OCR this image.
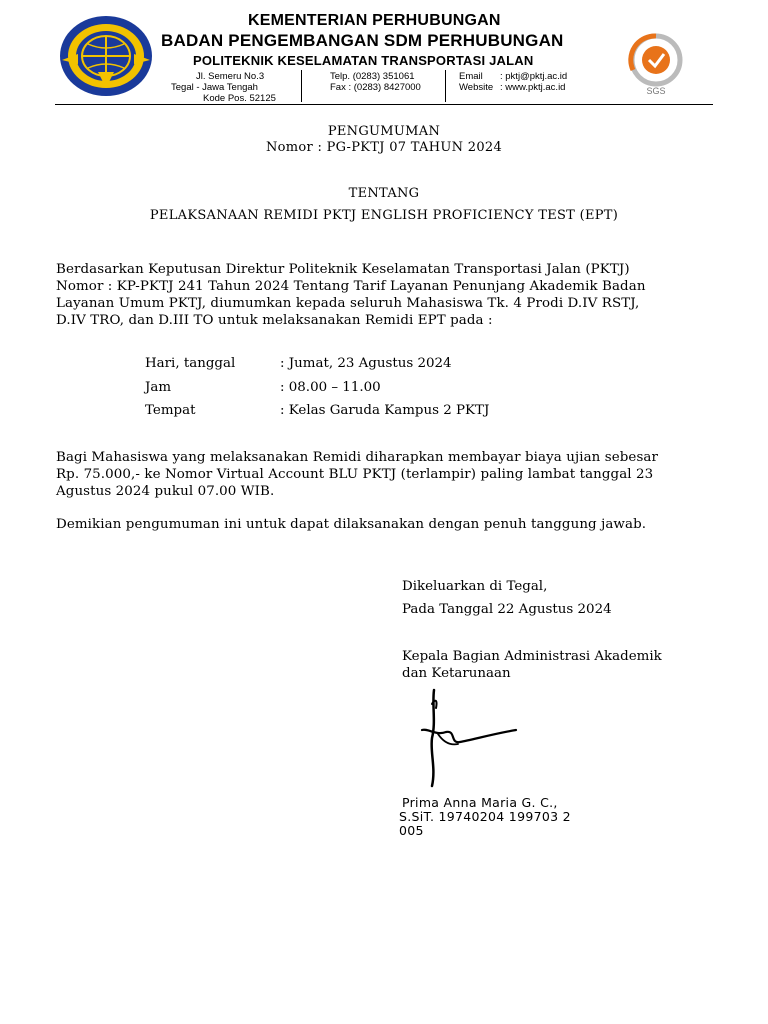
KEMENTERIAN PERHUBUNGAN
BADAN PENGEMBANGAN SDM PERHUBUNGAN
POLITEKNIK KESELAMATAN TRANSPORTASI JALAN
Jl. Semeru No.3
Tegal - Jawa Tengah
Kode Pos. 52125
Telp. (0283) 351061
Fax : (0283) 8427000
Email : pktj@pktj.ac.id
Website : www.pktj.ac.id	SGS
PENGUMUMAN
Nomor : PG-PKTJ 07 TAHUN 2024
TENTANG
PELAKSANAAN REMIDI PKTJ ENGLISH PROFICIENCY TEST (EPT)
Berdasarkan Keputusan Direktur Politeknik Keselamatan Transportasi Jalan (PKTJ)
Nomor : KP-PKTJ 241 Tahun 2024 Tentang Tarif Layanan Penunjang Akademik Badan
Layanan Umum PKTJ, diumumkan kepada seluruh Mahasiswa Tk. 4 Prodi D.IV RSTJ,
D.IV TRO, dan D.III TO untuk melaksanakan Remidi EPT pada :
Hari, tanggal	: Jumat, 23 Agustus 2024
Jam	: 08.00 – 11.00
Tempat	: Kelas Garuda Kampus 2 PKTJ
Bagi Mahasiswa yang melaksanakan Remidi diharapkan membayar biaya ujian sebesar
Rp. 75.000,- ke Nomor Virtual Account BLU PKTJ (terlampir) paling lambat tanggal 23
Agustus 2024 pukul 07.00 WIB.
Demikian pengumuman ini untuk dapat dilaksanakan dengan penuh tanggung jawab.
Dikeluarkan di Tegal,
Pada Tanggal 22 Agustus 2024
Kepala Bagian Administrasi Akademik
dan Ketarunaan
Prima Anna Maria G. C.,
S.SiT. 19740204 199703 2
005
